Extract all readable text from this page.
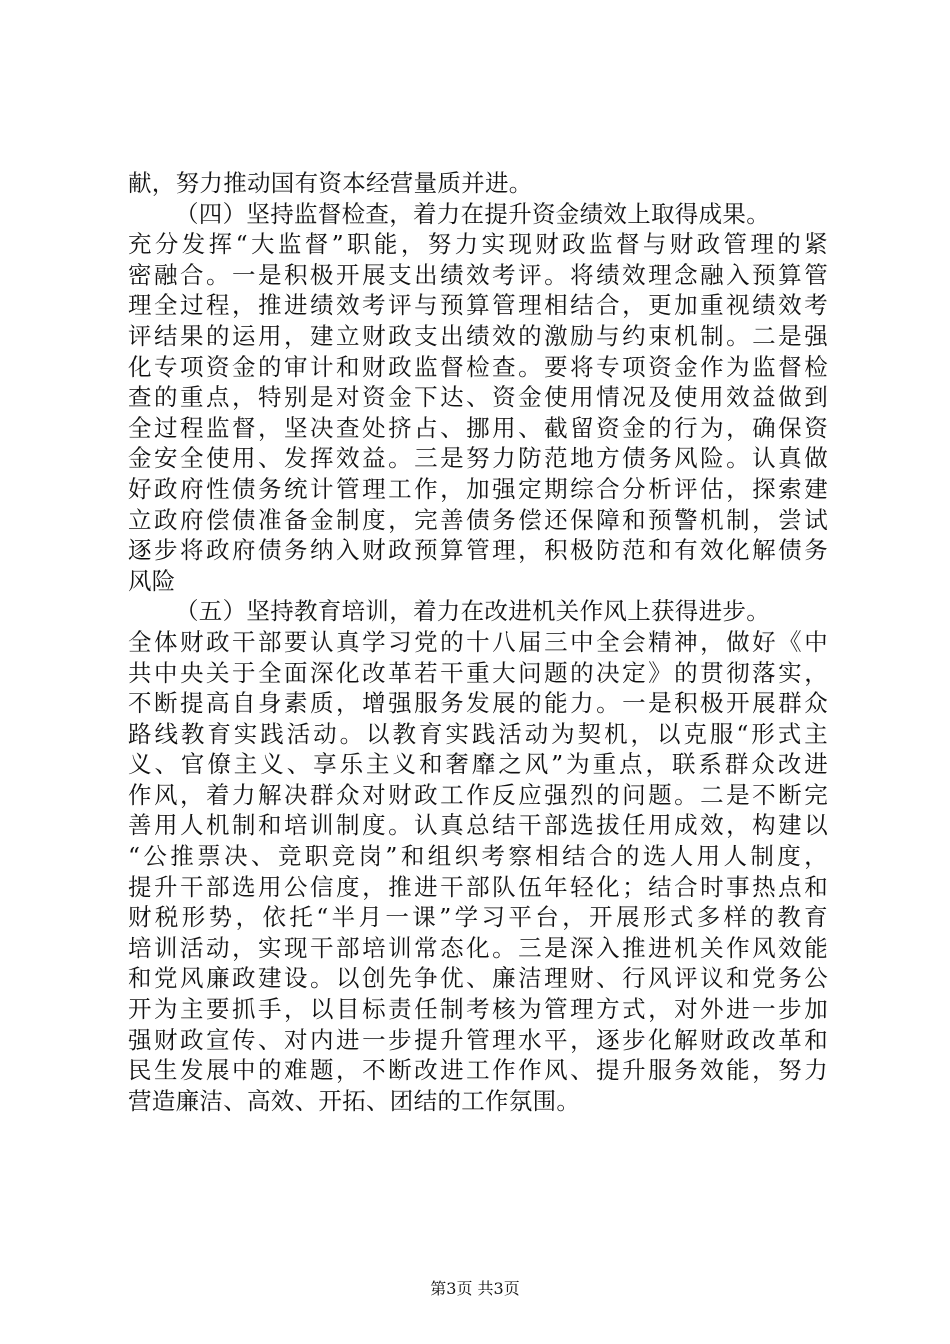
献，努力推动国有资本经营量质并进。
（四）坚持监督检查，着力在提升资金绩效上取得成果。
充分发挥“大监督”职能，努力实现财政监督与财政管理的紧
密融合。一是积极开展支出绩效考评。将绩效理念融入预算管
理全过程，推进绩效考评与预算管理相结合，更加重视绩效考
评结果的运用，建立财政支出绩效的激励与约束机制。二是强
化专项资金的审计和财政监督检查。要将专项资金作为监督检
查的重点，特别是对资金下达、资金使用情况及使用效益做到
全过程监督，坚决查处挤占、挪用、截留资金的行为，确保资
金安全使用、发挥效益。三是努力防范地方债务风险。认真做
好政府性债务统计管理工作，加强定期综合分析评估，探索建
立政府偿债准备金制度，完善债务偿还保障和预警机制，尝试
逐步将政府债务纳入财政预算管理，积极防范和有效化解债务
风险
（五）坚持教育培训，着力在改进机关作风上获得进步。
全体财政干部要认真学习党的十八届三中全会精神，做好《中
共中央关于全面深化改革若干重大问题的决定》的贯彻落实，
不断提高自身素质，增强服务发展的能力。一是积极开展群众
路线教育实践活动。以教育实践活动为契机，以克服“形式主
义、官僚主义、享乐主义和奢靡之风”为重点，联系群众改进
作风，着力解决群众对财政工作反应强烈的问题。二是不断完
善用人机制和培训制度。认真总结干部选拔任用成效，构建以
“公推票决、竞职竞岗”和组织考察相结合的选人用人制度，
提升干部选用公信度，推进干部队伍年轻化；结合时事热点和
财税形势，依托“半月一课”学习平台，开展形式多样的教育
培训活动，实现干部培训常态化。三是深入推进机关作风效能
和党风廉政建设。以创先争优、廉洁理财、行风评议和党务公
开为主要抓手，以目标责任制考核为管理方式，对外进一步加
强财政宣传、对内进一步提升管理水平，逐步化解财政改革和
民生发展中的难题，不断改进工作作风、提升服务效能，努力
营造廉洁、高效、开拓、团结的工作氛围。
第3页 共3页
